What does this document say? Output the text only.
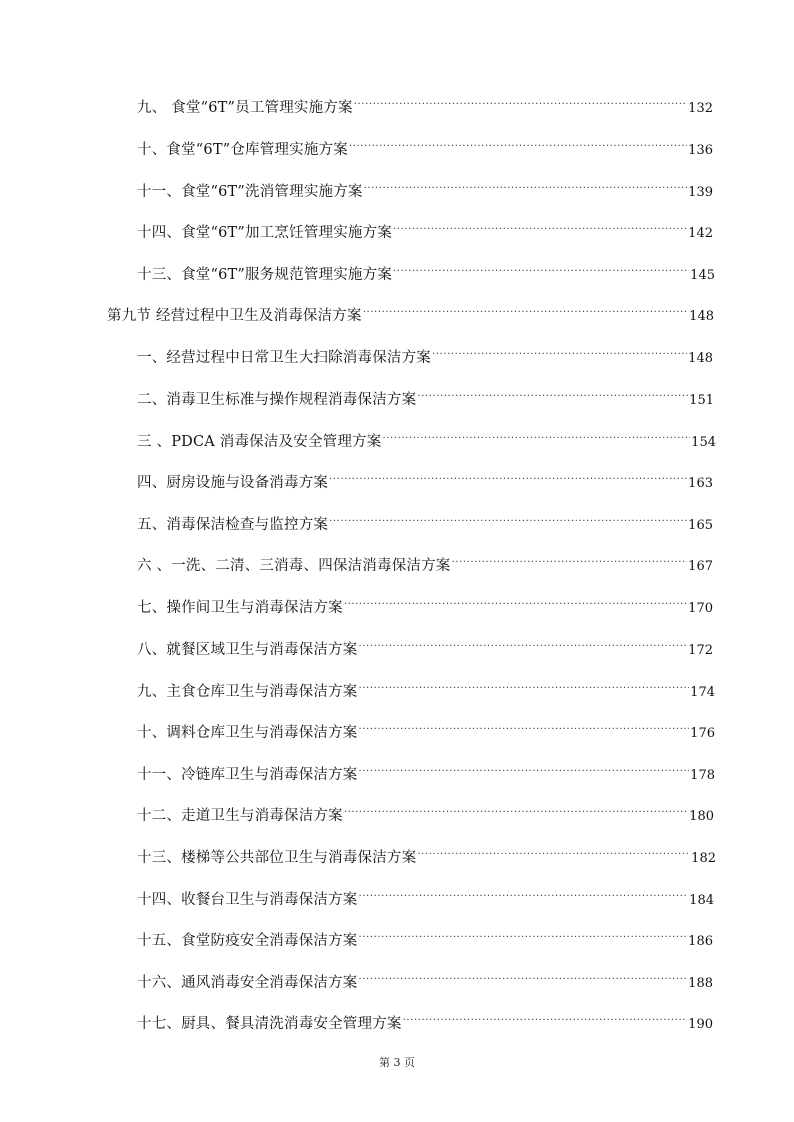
九、 食堂“6T”员工管理实施方案 .....	132
十、食堂“6T”仓库管理实施方案 .....	136
十一、食堂“6T”洗消管理实施方案 .....	139
十四、食堂“6T”加工烹饪管理实施方案 .....	142
十三、食堂“6T”服务规范管理实施方案 .....	145
第九节 经营过程中卫生及消毒保洁方案 .....	148
一、经营过程中日常卫生大扫除消毒保洁方案 .....	148
二、消毒卫生标准与操作规程消毒保洁方案 .....	151
三 、PDCA 消毒保洁及安全管理方案 .....	154
四、厨房设施与设备消毒方案 .....	163
五、消毒保洁检查与监控方案 .....	165
六 、一洗、二清、三消毒、四保洁消毒保洁方案 .....	167
七、操作间卫生与消毒保洁方案 .....	170
八、就餐区域卫生与消毒保洁方案 .....	172
九、主食仓库卫生与消毒保洁方案 .....	174
十、调料仓库卫生与消毒保洁方案 .....	176
十一、冷链库卫生与消毒保洁方案 .....	178
十二、走道卫生与消毒保洁方案 .....	180
十三、楼梯等公共部位卫生与消毒保洁方案 .....	182
十四、收餐台卫生与消毒保洁方案 .....	184
十五、食堂防疫安全消毒保洁方案 .....	186
十六、通风消毒安全消毒保洁方案 .....	188
十七、厨具、餐具清洗消毒安全管理方案 .....	190
第 3 页
